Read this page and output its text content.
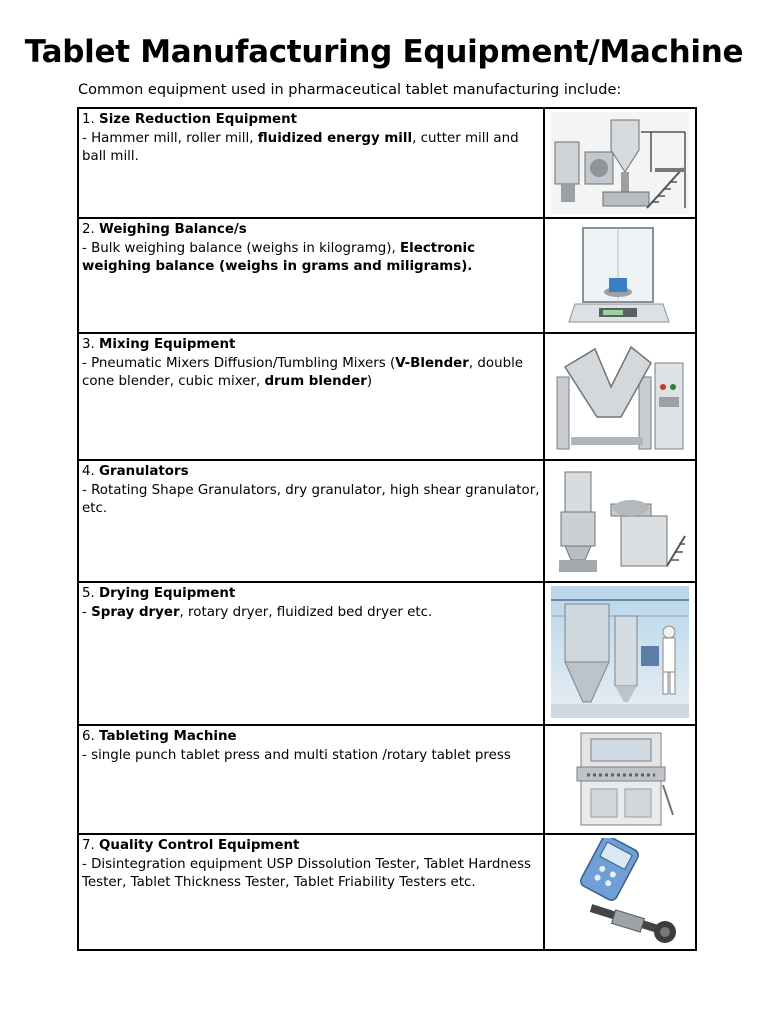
Tablet Manufacturing Equipment/Machine

Common equipment used in pharmaceutical tablet manufacturing include:

1. Size Reduction Equipment
- Hammer mill, roller mill, fluidized energy mill, cutter mill and ball mill.

2. Weighing Balance/s
- Bulk weighing balance (weighs in kilogramg), Electronic weighing balance (weighs in grams and miligrams).

3. Mixing Equipment
- Pneumatic Mixers Diffusion/Tumbling Mixers (V-Blender, double cone blender, cubic mixer, drum blender)

4. Granulators
- Rotating Shape Granulators, dry granulator, high shear granulator, etc.

5. Drying Equipment
- Spray dryer, rotary dryer, fluidized bed dryer etc.

6. Tableting Machine
- single punch tablet press and multi station /rotary tablet press

7. Quality Control Equipment
- Disintegration equipment USP Dissolution Tester, Tablet Hardness Tester, Tablet Thickness Tester, Tablet Friability Testers etc.
